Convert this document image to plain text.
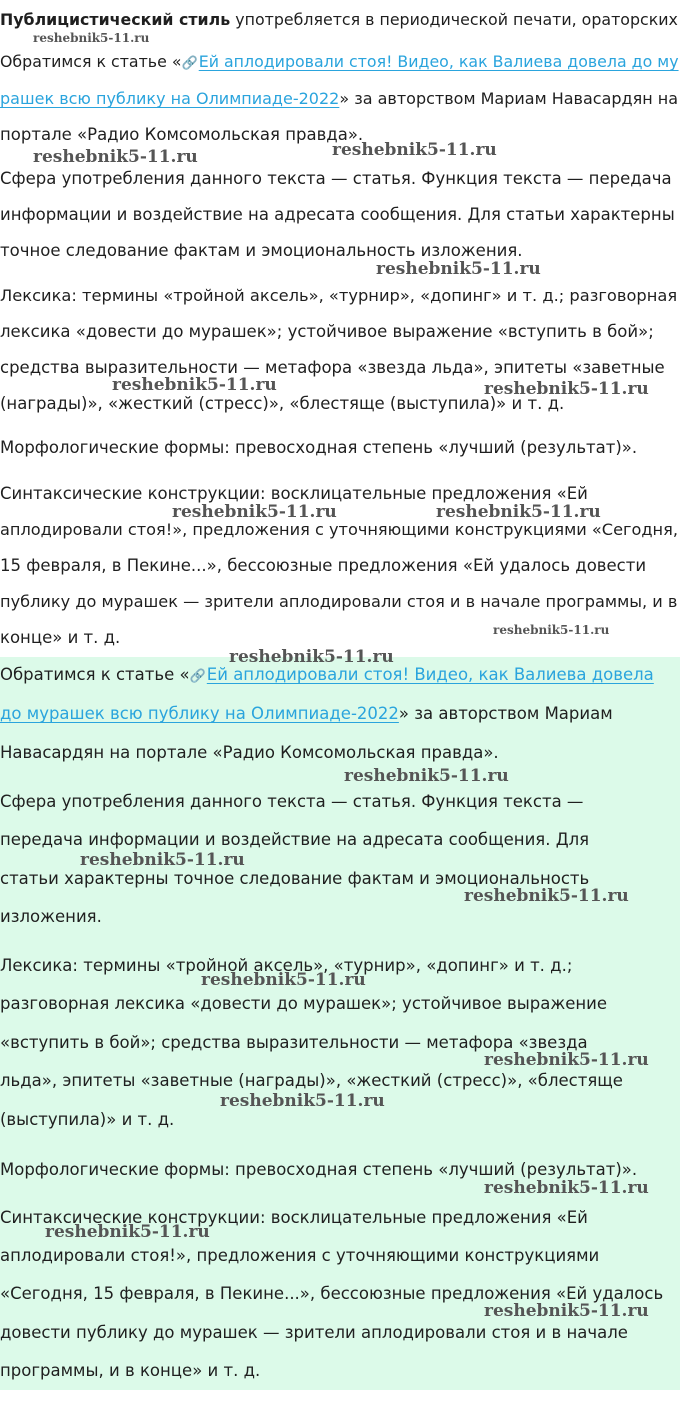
Публицистический стиль употребляется в периодической печати, ораторских
Обратимся к статье «🔗Ей аплодировали стоя! Видео, как Валиева довела до му
рашек всю публику на Олимпиаде-2022» за авторством Мариам Навасардян на
портале «Радио Комсомольская правда».
Сфера употребления данного текста — статья. Функция текста — передача
информации и воздействие на адресата сообщения. Для статьи характерны
точное следование фактам и эмоциональность изложения.
Лексика: термины «тройной аксель», «турнир», «допинг» и т. д.; разговорная
лексика «довести до мурашек»; устойчивое выражение «вступить в бой»;
средства выразительности — метафора «звезда льда», эпитеты «заветные
(награды)», «жесткий (стресс)», «блестяще (выступила)» и т. д.
Морфологические формы: превосходная степень «лучший (результат)».
Синтаксические конструкции: восклицательные предложения «Ей
аплодировали стоя!», предложения с уточняющими конструкциями «Сегодня,
15 февраля, в Пекине...», бессоюзные предложения «Ей удалось довести
публику до мурашек — зрители аплодировали стоя и в начале программы, и в
конце» и т. д.
Обратимся к статье «🔗Ей аплодировали стоя! Видео, как Валиева довела
до мурашек всю публику на Олимпиаде-2022» за авторством Мариам
Навасардян на портале «Радио Комсомольская правда».
Сфера употребления данного текста — статья. Функция текста —
передача информации и воздействие на адресата сообщения. Для
статьи характерны точное следование фактам и эмоциональность
изложения.
Лексика: термины «тройной аксель», «турнир», «допинг» и т. д.;
разговорная лексика «довести до мурашек»; устойчивое выражение
«вступить в бой»; средства выразительности — метафора «звезда
льда», эпитеты «заветные (награды)», «жесткий (стресс)», «блестяще
(выступила)» и т. д.
Морфологические формы: превосходная степень «лучший (результат)».
Синтаксические конструкции: восклицательные предложения «Ей
аплодировали стоя!», предложения с уточняющими конструкциями
«Сегодня, 15 февраля, в Пекине...», бессоюзные предложения «Ей удалось
довести публику до мурашек — зрители аплодировали стоя и в начале
программы, и в конце» и т. д.
reshebnik5-11.ru
reshebnik5-11.ru	reshebnik5-11.ru
reshebnik5-11.ru
reshebnik5-11.ru	reshebnik5-11.ru
reshebnik5-11.ru	reshebnik5-11.ru
reshebnik5-11.ru
reshebnik5-11.ru
reshebnik5-11.ru
reshebnik5-11.ru
reshebnik5-11.ru
reshebnik5-11.ru
reshebnik5-11.ru
reshebnik5-11.ru
reshebnik5-11.ru
reshebnik5-11.ru
reshebnik5-11.ru
